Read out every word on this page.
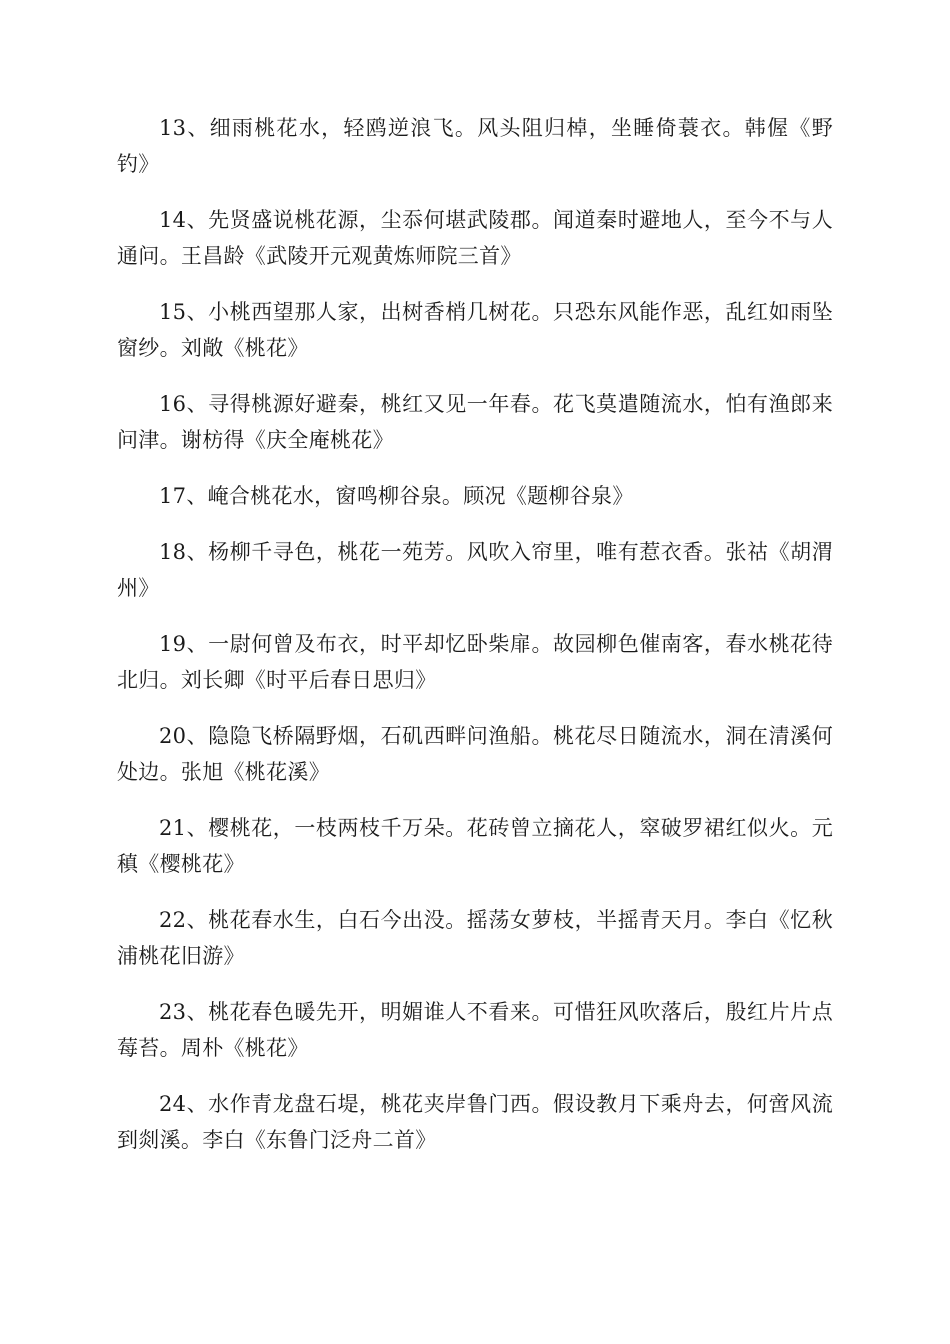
13、细雨桃花水，轻鸥逆浪飞。风头阻归棹，坐睡倚蓑衣。韩偓《野钓》

14、先贤盛说桃花源，尘忝何堪武陵郡。闻道秦时避地人，至今不与人通问。王昌龄《武陵开元观黄炼师院三首》

15、小桃西望那人家，出树香梢几树花。只恐东风能作恶，乱红如雨坠窗纱。刘敞《桃花》

16、寻得桃源好避秦，桃红又见一年春。花飞莫遣随流水，怕有渔郎来问津。谢枋得《庆全庵桃花》

17、崦合桃花水，窗鸣柳谷泉。顾况《题柳谷泉》

18、杨柳千寻色，桃花一苑芳。风吹入帘里，唯有惹衣香。张祜《胡渭州》

19、一尉何曾及布衣，时平却忆卧柴扉。故园柳色催南客，春水桃花待北归。刘长卿《时平后春日思归》

20、隐隐飞桥隔野烟，石矶西畔问渔船。桃花尽日随流水，洞在清溪何处边。张旭《桃花溪》

21、樱桃花，一枝两枝千万朵。花砖曾立摘花人，窣破罗裙红似火。元稹《樱桃花》

22、桃花春水生，白石今出没。摇荡女萝枝，半摇青天月。李白《忆秋浦桃花旧游》

23、桃花春色暖先开，明媚谁人不看来。可惜狂风吹落后，殷红片片点莓苔。周朴《桃花》

24、水作青龙盘石堤，桃花夹岸鲁门西。假设教月下乘舟去，何啻风流到剡溪。李白《东鲁门泛舟二首》
